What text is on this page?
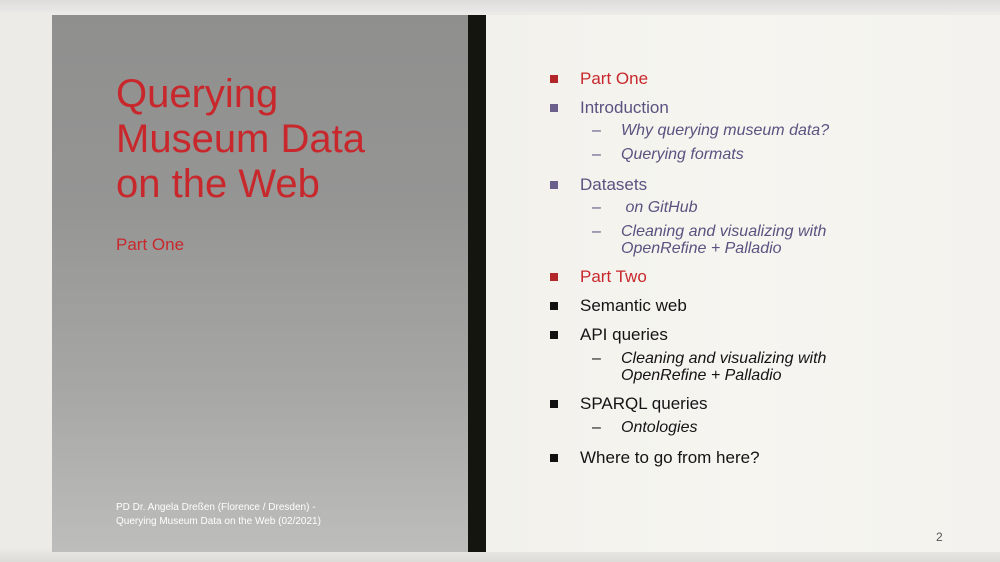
Querying
Museum Data
on the Web

Part One

PD Dr. Angela Dreßen (Florence / Dresden) - Querying Museum Data on the Web (02/2021)
Part One
Introduction
– Why querying museum data?
– Querying formats
Datasets
– on GitHub
– Cleaning and visualizing with
OpenRefine + Palladio
Part Two
Semantic web
API queries
– Cleaning and visualizing with
OpenRefine + Palladio
SPARQL queries
– Ontologies
Where to go from here?
2
